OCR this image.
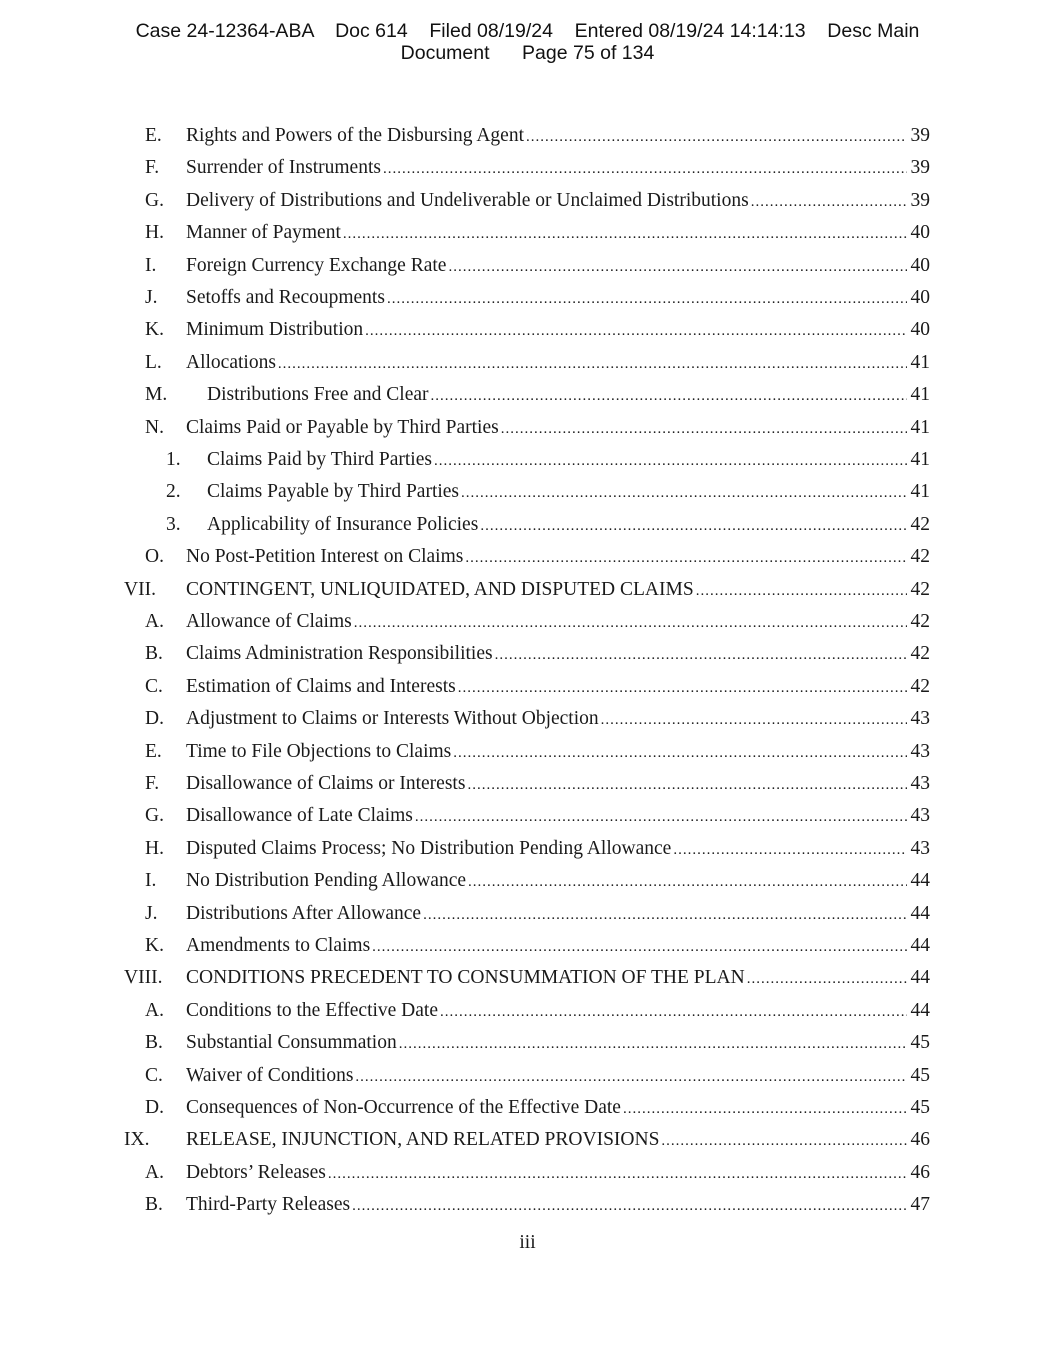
Case 24-12364-ABA Doc 614 Filed 08/19/24 Entered 08/19/24 14:14:13 Desc Main
Document Page 75 of 134
E. Rights and Powers of the Disbursing Agent .....	39
F. Surrender of Instruments .....	39
G. Delivery of Distributions and Undeliverable or Unclaimed Distributions .....	39
H. Manner of Payment .....	40
I. Foreign Currency Exchange Rate .....	40
J. Setoffs and Recoupments .....	40
K. Minimum Distribution .....	40
L. Allocations .....	41
M. Distributions Free and Clear .....	41
N. Claims Paid or Payable by Third Parties .....	41
1. Claims Paid by Third Parties .....	41
2. Claims Payable by Third Parties .....	41
3. Applicability of Insurance Policies .....	42
O. No Post-Petition Interest on Claims .....	42
VII. CONTINGENT, UNLIQUIDATED, AND DISPUTED CLAIMS .....	42
A. Allowance of Claims .....	42
B. Claims Administration Responsibilities .....	42
C. Estimation of Claims and Interests .....	42
D. Adjustment to Claims or Interests Without Objection .....	43
E. Time to File Objections to Claims .....	43
F. Disallowance of Claims or Interests .....	43
G. Disallowance of Late Claims .....	43
H. Disputed Claims Process; No Distribution Pending Allowance .....	43
I. No Distribution Pending Allowance .....	44
J. Distributions After Allowance .....	44
K. Amendments to Claims .....	44
VIII. CONDITIONS PRECEDENT TO CONSUMMATION OF THE PLAN .....	44
A. Conditions to the Effective Date .....	44
B. Substantial Consummation .....	45
C. Waiver of Conditions .....	45
D. Consequences of Non-Occurrence of the Effective Date .....	45
IX. RELEASE, INJUNCTION, AND RELATED PROVISIONS .....	46
A. Debtors’ Releases .....	46
B. Third-Party Releases .....	47
iii
